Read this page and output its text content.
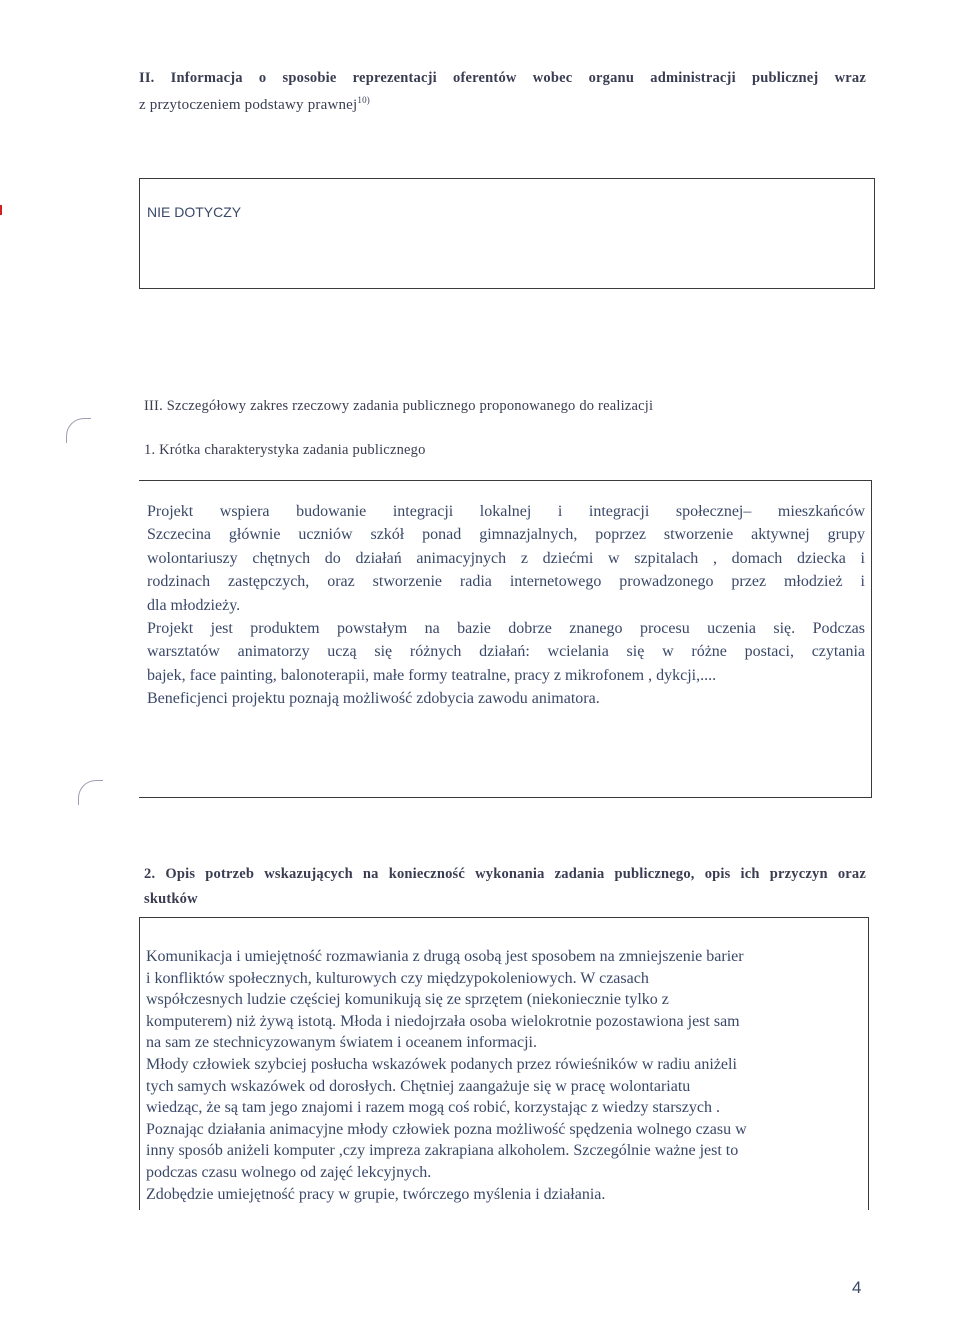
II. Informacja o sposobie reprezentacji oferentów wobec organu administracji publicznej wraz
z przytoczeniem podstawy prawnej$^{10)}$
NIE DOTYCZY
III. Szczegółowy zakres rzeczowy zadania publicznego proponowanego do realizacji
1. Krótka charakterystyka zadania publicznego
Projekt wspiera budowanie integracji lokalnej i integracji społecznej– mieszkańców
Szczecina głównie uczniów szkół ponad gimnazjalnych, poprzez stworzenie aktywnej grupy
wolontariuszy chętnych do działań animacyjnych z dziećmi w szpitalach , domach dziecka i
rodzinach zastępczych, oraz stworzenie radia internetowego prowadzonego przez młodzież i
dla młodzieży.
Projekt jest produktem powstałym na bazie dobrze znanego procesu uczenia się. Podczas
warsztatów animatorzy uczą się różnych działań: wcielania się w różne postaci, czytania
bajek, face painting, balonoterapii, małe formy teatralne, pracy z mikrofonem , dykcji,....
Beneficjenci projektu poznają możliwość zdobycia zawodu animatora.
2. Opis potrzeb wskazujących na konieczność wykonania zadania publicznego, opis ich przyczyn oraz
skutków
Komunikacja i umiejętność rozmawiania z drugą osobą jest sposobem na zmniejszenie barier
i konfliktów społecznych, kulturowych czy międzypokoleniowych. W czasach
współczesnych ludzie częściej komunikują się ze sprzętem (niekoniecznie tylko z
komputerem) niż żywą istotą. Młoda i niedojrzała osoba wielokrotnie pozostawiona jest sam
na sam ze stechnicyzowanym światem i oceanem informacji.
Młody człowiek szybciej posłucha wskazówek podanych przez rówieśników w radiu aniżeli
tych samych wskazówek od dorosłych. Chętniej zaangażuje się w pracę wolontariatu
wiedząc, że są tam jego znajomi i razem mogą coś robić, korzystając z wiedzy starszych .
Poznając działania animacyjne młody człowiek pozna możliwość spędzenia wolnego czasu w
inny sposób aniżeli komputer ,czy impreza zakrapiana alkoholem. Szczególnie ważne jest to
podczas czasu wolnego od zajęć lekcyjnych.
Zdobędzie umiejętność pracy w grupie, twórczego myślenia i działania.
4
